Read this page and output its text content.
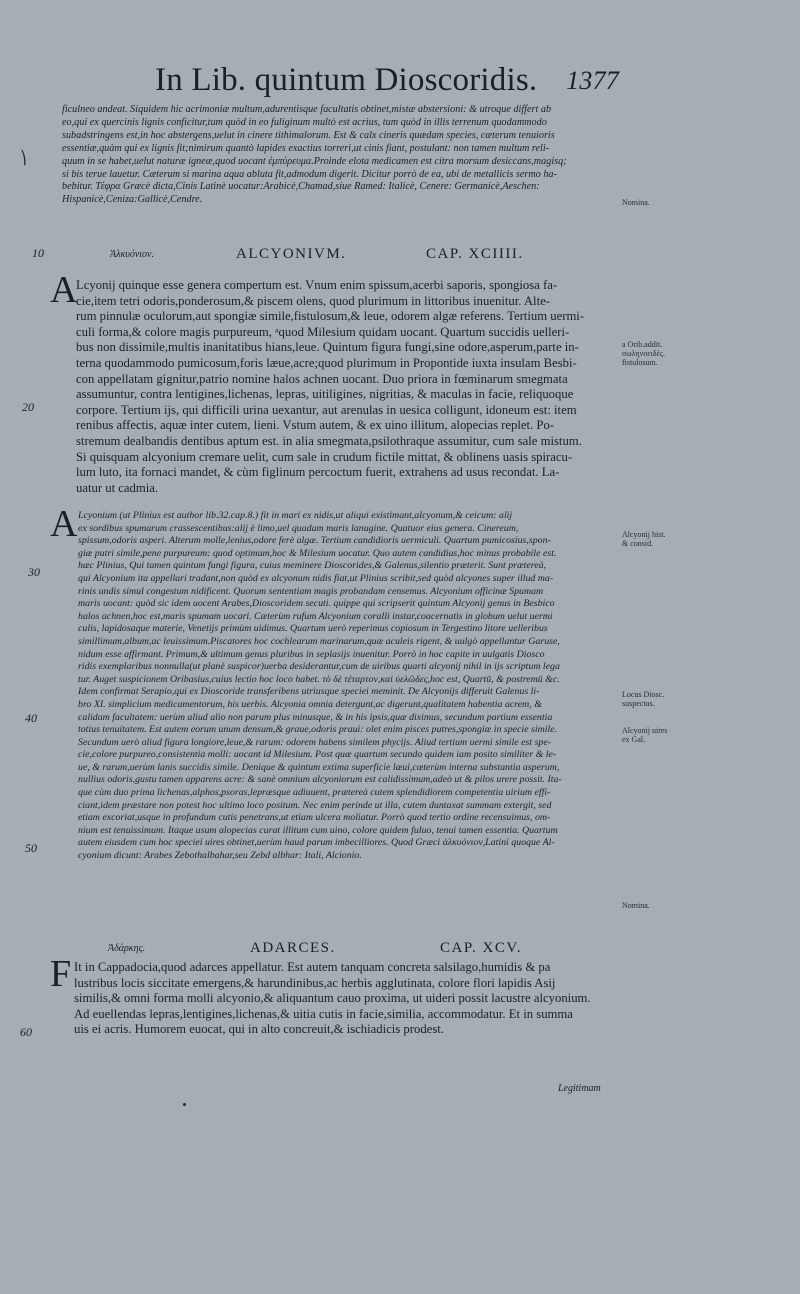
In Lib. quintum Dioscoridis. 1377
⎞
ficulneo andeat. Siquidem hic acrimoniæ multum,adurentisque facultatis obtinet,mistæ abstersioni: & utroque differt ab
eo,qui ex quercinis lignis conficitur,tum quòd in eo fuliginum multò est acrius, tum quòd in illis terrenum quodammodo
subadstringens est,in hoc abstergens,uelut in cinere tithimalorum. Est & calx cineris quædam species, cæterum tenuioris
essentiæ,quàm qui ex lignis fit;nimirum quantò lapides exactius torreri,ut cinis fiant, postulant: non tamen multum reli-
quum in se habet,uelut naturæ igneæ,quod uocant ἐμπύρευμα.Proinde elota medicamen est citra morsum desiccans,magisq;
si bis terue lauetur. Cæterum si marina aqua abluta fit,admodum digerit. Dicitur porrò de ea, ubi de metallicis sermo ha-
bebitur. Τέφρα Græcè dicta,Cinis Latinè uocatur:Arabicè,Chamad,siue Ramed: Italicè, Cenere: Germanicè,Aeschen:
Hispanicè,Ceniza:Gallicè,Cendre.
Ἀλκυόνιον.	ALCYONIVM.	CAP. XCIIII.
A
Lcyonij quinque esse genera compertum est. Vnum enim spissum,acerbi saporis, spongiosa fa-
cie,item tetri odoris,ponderosum,& piscem olens, quod plurimum in littoribus inuenitur. Alte-
rum pinnulæ oculorum,aut spongiæ simile,fistulosum,& leue, odorem algæ referens. Tertium uermi-
culi forma,& colore magis purpureum, ᵃquod Milesium quidam uocant. Quartum succidis uelleri-
bus non dissimile,multis inanitatibus hians,leue. Quintum figura fungi,sine odore,asperum,parte in-
terna quodammodo pumicosum,foris læue,acre;quod plurimum in Propontide iuxta insulam Besbi-
con appellatam gignitur,patrio nomine halos achnen uocant. Duo priora in fœminarum smegmata
assumuntur, contra lentigines,lichenas, lepras, uitiligines, nigritias, & maculas in facie, reliquoque
corpore. Tertium ijs, qui difficili urina uexantur, aut arenulas in uesica colligunt, idoneum est: item
renibus affectis, aquæ inter cutem, lieni. Vstum autem, & ex uino illitum, alopecias replet. Po-
stremum dealbandis dentibus aptum est. in alia smegmata,psilothraque assumitur, cum sale mistum.
Si quisquam alcyonium cremare uelit, cum sale in crudum fictile mittat, & oblinens uasis spiracu-
lum luto, ita fornaci mandet, & cùm figlinum percoctum fuerit, extrahens ad usus recondat. La-
uatur ut cadmia.
A Lcyonium (ut Plinius est author lib.32.cap.8.) fit in mari ex nidis,ut aliqui existimant,alcyonum,& ceicum: alij
ex sordibus spumarum crassescentibus:alij è limo,uel quadam maris lanugine. Quatuor eius genera. Cinereum,
spissum,odoris asperi. Alterum molle,lenius,odore ferè algæ. Tertium candidioris uermiculi. Quartum pumicosius,spon-
giæ putri simile,pene purpureum: quod optimum,hoc & Milesium uocatur. Quo autem candidius,hoc minus probabile est.
hæc Plinius, Qui tamen quintum fungi figura, cuius meminere Dioscorides,& Galenus,silentio præterit. Sunt prætereà,
qui Alcyonium ita appellari tradant,non quòd ex alcyonum nidis fiat,ut Plinius scribit,sed quòd alcyones super illud ma-
rinis undis simul congestum nidificent. Quorum sententiam magis probandam censemus. Alcyonium officinæ Spumam
maris uocant: quòd sic idem uocent Arabes,Dioscoridem secuti. quippe qui scripserit quintum Alcyonij genus in Besbico
halos achnen,hoc est,maris spumam uocari. Cæterùm rufum Alcyonium coralli instar,coacernatis in globum uelut uermi
culis, lapidosaque materie, Venetijs primùm uidimus. Quartum uerò reperimus copiosum in Tergestino litore uelleribus
simillimum,album,ac leuissimum.Piscatores hoc cochlearum marinarum,quæ aculeis rigent, & uulgò appellantur Garuse,
nidum esse affirmant. Primum,& ultimum genus pluribus in seplasijs inuenitur. Porrò in hoc capite in uulgatis Diosco
ridis exemplaribus nonnulla(ut planè suspicor)uerba desiderantur,cum de uiribus quarti alcyonij nihil in ijs scriptum lega
tur. Auget suspicionem Oribasius,cuius lectio hoc loco habet. τὸ δὲ τέταρτον,καὶ ὑελῶδες,hoc est, Quartū, & postremū &c.
Idem confirmat Serapio,qui ex Dioscoride transferibens utriusque speciei meminit. De Alcyonijs differuit Galenus li-
bro XI. simplicium medicamentorum, his uerbis. Alcyonia omnia detergunt,ac digerunt,qualitatem habentia acrem, &
calidam facultatem: uerùm aliud alio non parum plus minusque, & in his ipsis,quæ diximus, secundum partium essentia
totius tenuitatem. Est autem eorum unum densum,& graue,odoris praui: olet enim pisces putres,spongiæ in specie simile.
Secundum uerò aliud figura longiore,leue,& rarum: odorem habens similem phycijs. Aliud tertium uermi simile est spe-
cie,colore purpureo,consistentia molli: uocant id Milesium. Post quæ quartum secundo quidem iam posito similiter & le-
ue, & rarum,uerùm lanis succidis simile. Denique & quintum extima superficie læui,cæterùm interna substantia asperum,
nullius odoris,gustu tamen apparens acre: & sanè omnium alcyoniorum est calidissimum,adeò ut & pilos urere possit. Ita-
que cùm duo prima lichenas,alphos,psoras,lepræsque adiuuent, prætereà cutem splendidiorem competentia uirium effi-
ciant,idem præstare non potest hoc ultimo loco positum. Nec enim perinde ut illa, cutem duntaxat summam extergit, sed
etiam excoriat,usque in profundum cutis penetrans,ut etiam ulcera moliatur. Porrò quod tertio ordine recensuimus, om-
nium est tenuissimum. Itaque usum alopecias curat illitum cum uino, colore quidem fuluo, tenui tamen essentia. Quartum
autem eiusdem cum hoc speciei uires obtinet,uerùm haud parum imbecilliores. Quod Græci ἀλκυόνιον,Latini quoque Al-
cyonium dicunt: Arabes Zebothalbahar,seu Zebd albhar: Itali, Alcionio.
Ἀδάρκης.	ADARCES.	CAP. XCV.
F It in Cappadocia,quod adarces appellatur. Est autem tanquam concreta salsilago,humidis & pa
lustribus locis siccitate emergens,& harundinibus,ac herbis agglutinata, colore flori lapidis Asij
similis,& omni forma molli alcyonio,& aliquantum cauo proxima, ut uideri possit lacustre alcyonium.
Ad euellendas lepras,lentigines,lichenas,& uitia cutis in facie,similia, accommodatur. Et in summa
uis ei acris. Humorem euocat, qui in alto concreuit,& ischiadicis prodest.
10
20
30
40
50
60
Nomina.
a Orib.addit.
σωληνοειδὲς.
fistulosum.
Alcyonij hist.
& consid.
Locus Diosc.
suspectus.
Alcyonij uires
ex Gal.
Nomina.
Legitimam
